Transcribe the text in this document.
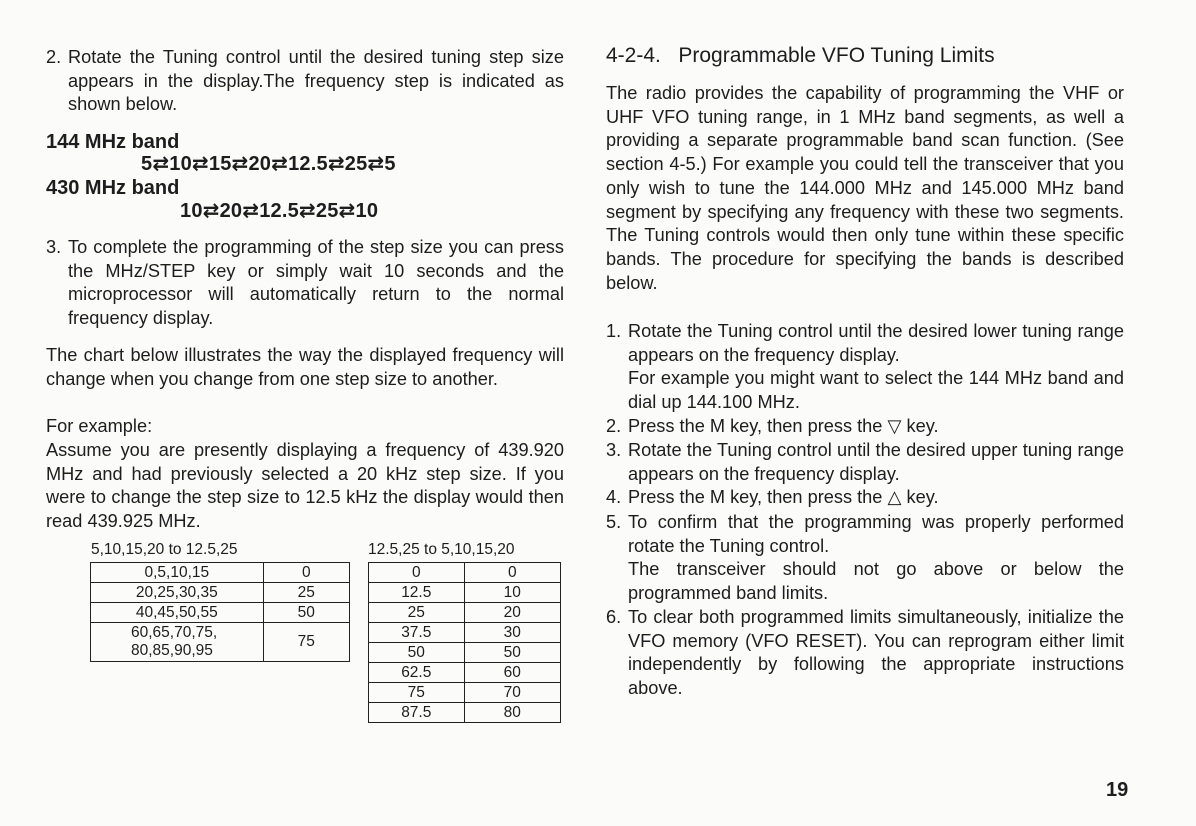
2. Rotate the Tuning control until the desired tuning step size appears in the display.The frequency step is indicated as shown below.
144 MHz band
5⇄10⇄15⇄20⇄12.5⇄25⇄5
430 MHz band
10⇄20⇄12.5⇄25⇄10
3. To complete the programming of the step size you can press the MHz/STEP key or simply wait 10 seconds and the microprocessor will automatically return to the normal frequency display.
The chart below illustrates the way the displayed frequency will change when you change from one step size to another.
For example:
Assume you are presently displaying a frequency of 439.920 MHz and had previously selected a 20 kHz step size. If you were to change the step size to 12.5 kHz the display would then read 439.925 MHz.
5,10,15,20 to 12.5,25
0,5,10,15	0
20,25,30,35	25
40,45,50,55	50
60,65,70,75,
80,85,90,95	75
12.5,25 to 5,10,15,20
0	0
12.5	10
25	20
37.5	30
50	50
62.5	60
75	70
87.5	80
4-2-4.   Programmable VFO Tuning Limits
The radio provides the capability of programming the VHF or UHF VFO tuning range, in 1 MHz band segments, as well a providing a separate programmable band scan function. (See section 4-5.) For example you could tell the transceiver that you only wish to tune the 144.000 MHz and 145.000 MHz band segment by specifying any frequency with these two segments. The Tuning controls would then only tune within these specific bands. The procedure for specifying the bands is described below.
1. Rotate the Tuning control until the desired lower tuning range appears on the frequency display.
For example you might want to select the 144 MHz band and dial up 144.100 MHz.
2. Press the M key, then press the ▽ key.
3. Rotate the Tuning control until the desired upper tuning range appears on the frequency display.
4. Press the M key, then press the △ key.
5. To confirm that the programming was properly performed rotate the Tuning control.
The transceiver should not go above or below the programmed band limits.
6. To clear both programmed limits simultaneously, initialize the VFO memory (VFO RESET). You can reprogram either limit independently by following the appropriate instructions above.
19
